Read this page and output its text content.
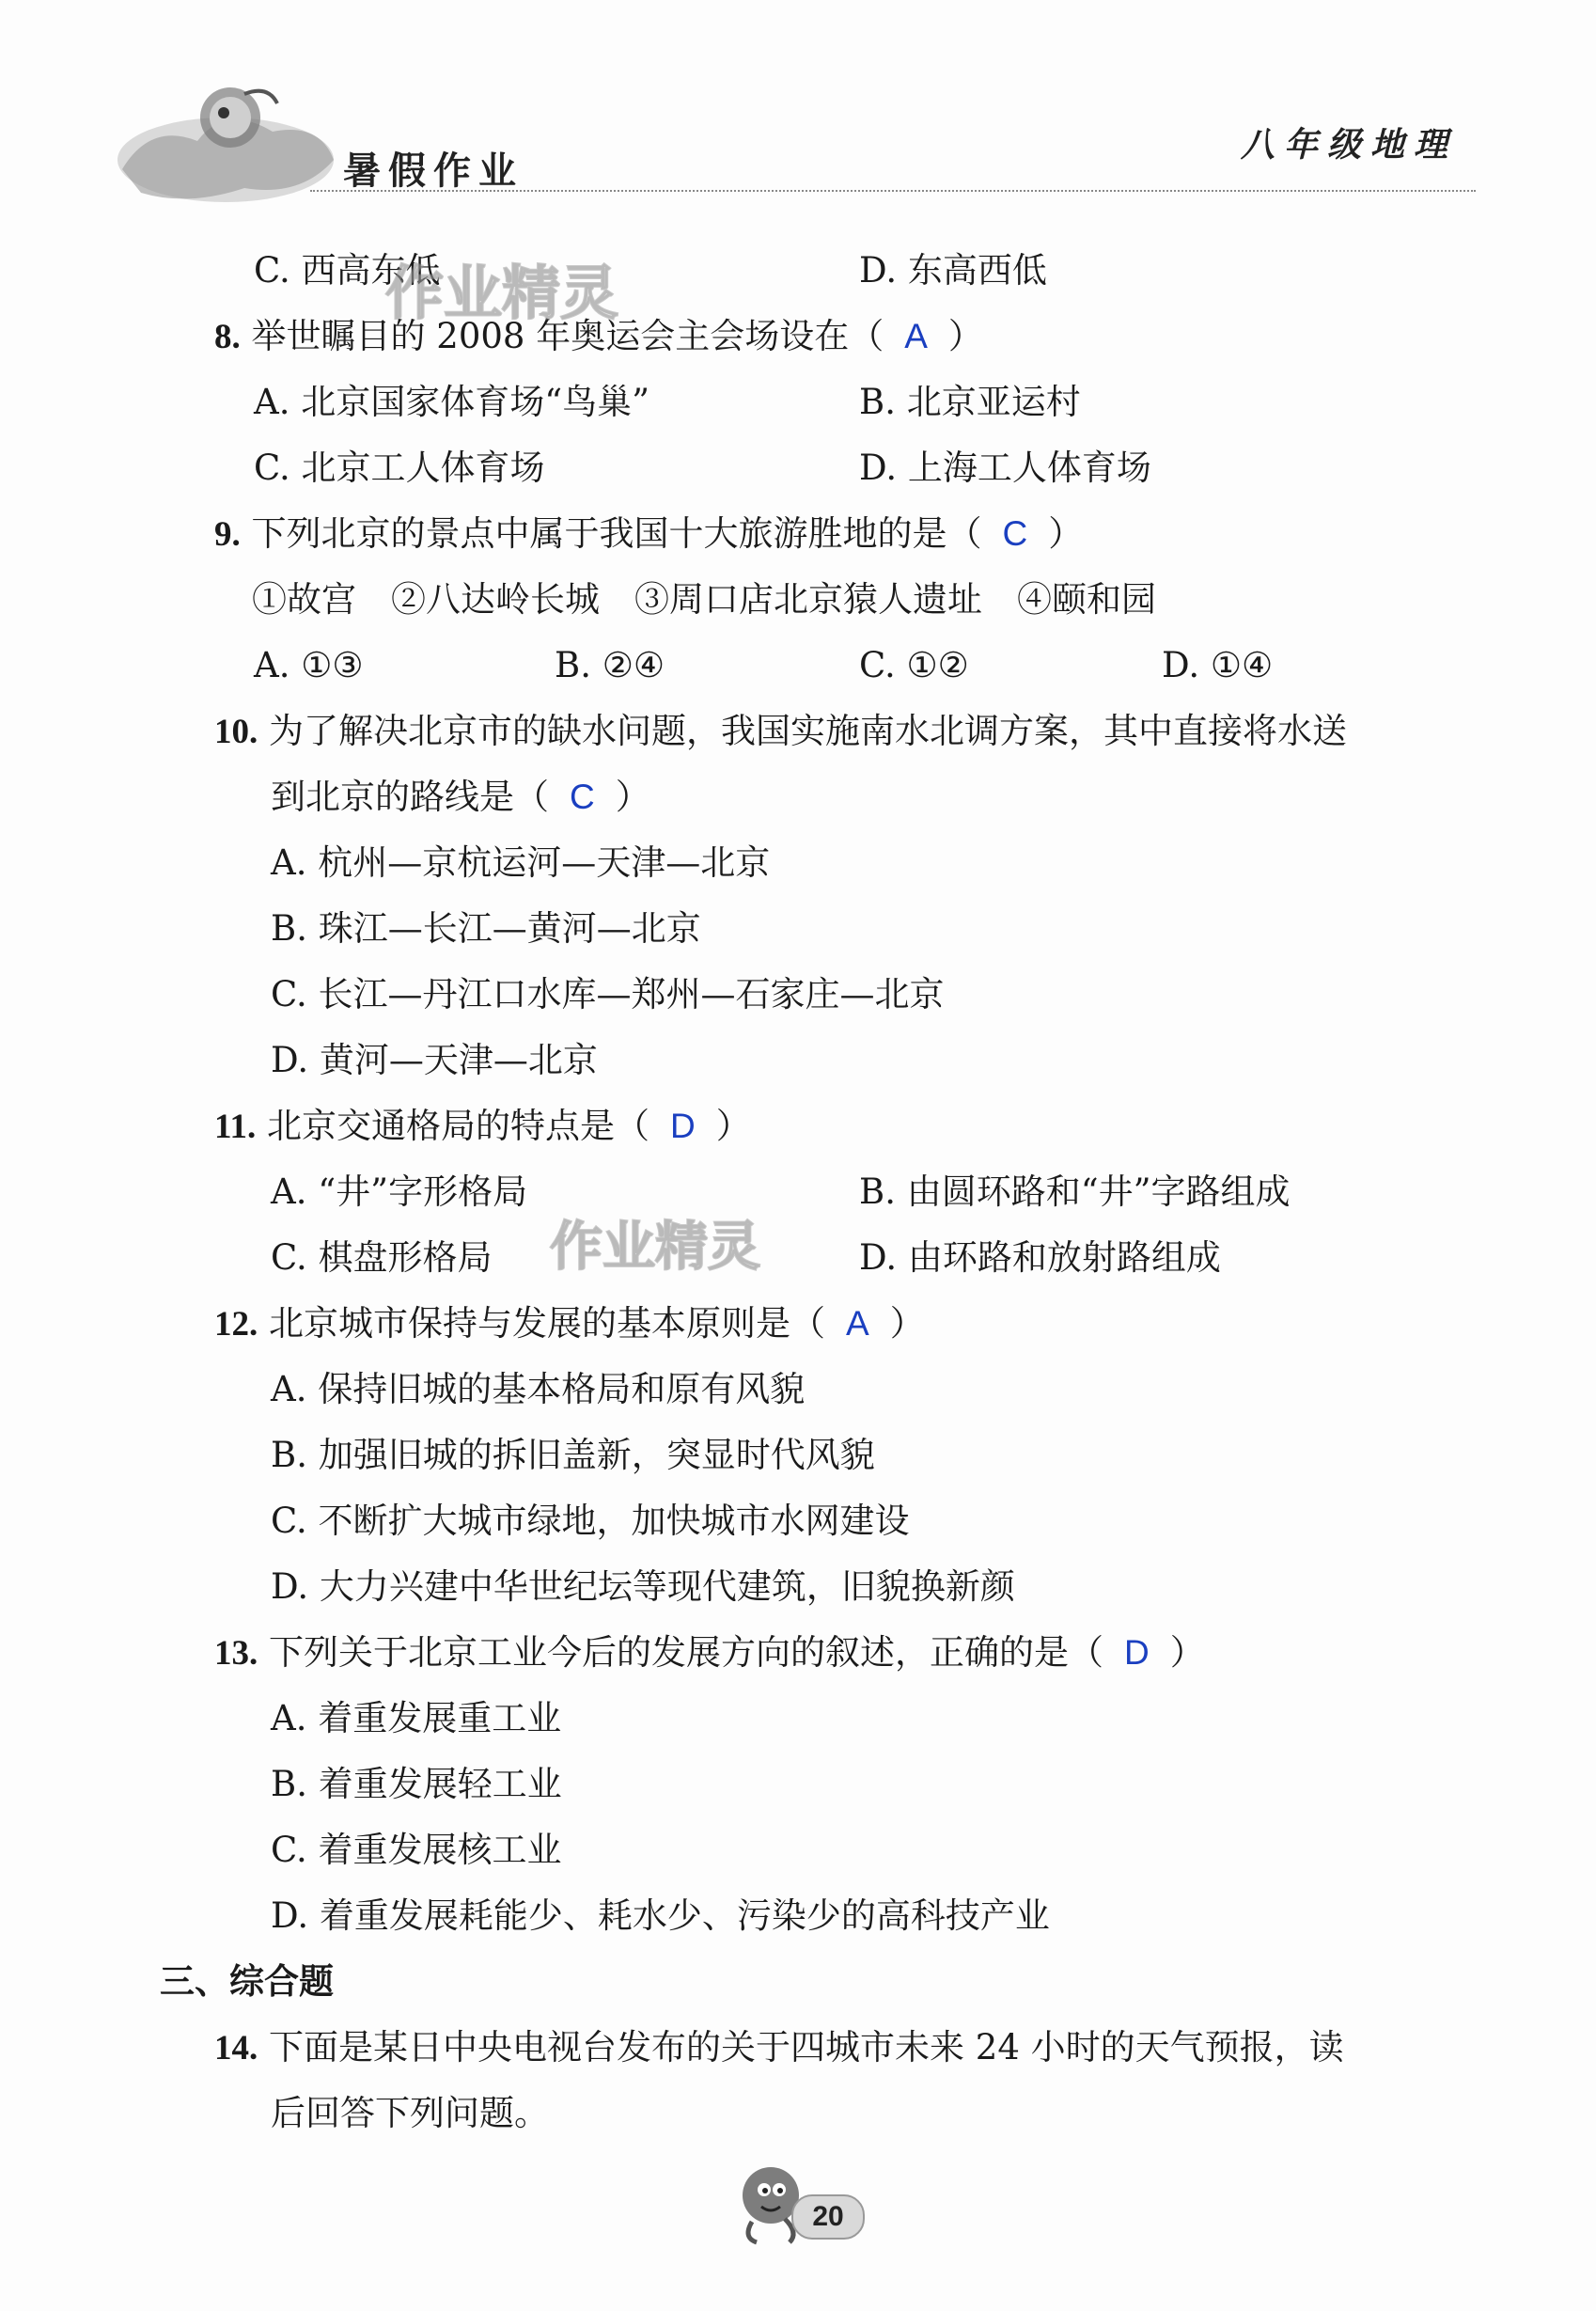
暑假作业
八年级地理
C. 西高东低	D. 东高西低
8. 举世瞩目的 2008 年奥运会主会场设在（ A ）
A. 北京国家体育场“鸟巢”	B. 北京亚运村
C. 北京工人体育场	D. 上海工人体育场
9. 下列北京的景点中属于我国十大旅游胜地的是（ C ）
①故宫　②八达岭长城　③周口店北京猿人遗址　④颐和园
A. ①③	B. ②④	C. ①②	D. ①④
10. 为了解决北京市的缺水问题，我国实施南水北调方案，其中直接将水送
到北京的路线是（ C ）
A. 杭州—京杭运河—天津—北京
B. 珠江—长江—黄河—北京
C. 长江—丹江口水库—郑州—石家庄—北京
D. 黄河—天津—北京
11. 北京交通格局的特点是（ D ）
A. “井”字形格局	B. 由圆环路和“井”字路组成
C. 棋盘形格局	D. 由环路和放射路组成
12. 北京城市保持与发展的基本原则是（ A ）
A. 保持旧城的基本格局和原有风貌
B. 加强旧城的拆旧盖新，突显时代风貌
C. 不断扩大城市绿地，加快城市水网建设
D. 大力兴建中华世纪坛等现代建筑，旧貌换新颜
13. 下列关于北京工业今后的发展方向的叙述，正确的是（ D ）
A. 着重发展重工业
B. 着重发展轻工业
C. 着重发展核工业
D. 着重发展耗能少、耗水少、污染少的高科技产业
三、综合题
14. 下面是某日中央电视台发布的关于四城市未来 24 小时的天气预报，读
后回答下列问题。
作业精灵
作业精灵
20
